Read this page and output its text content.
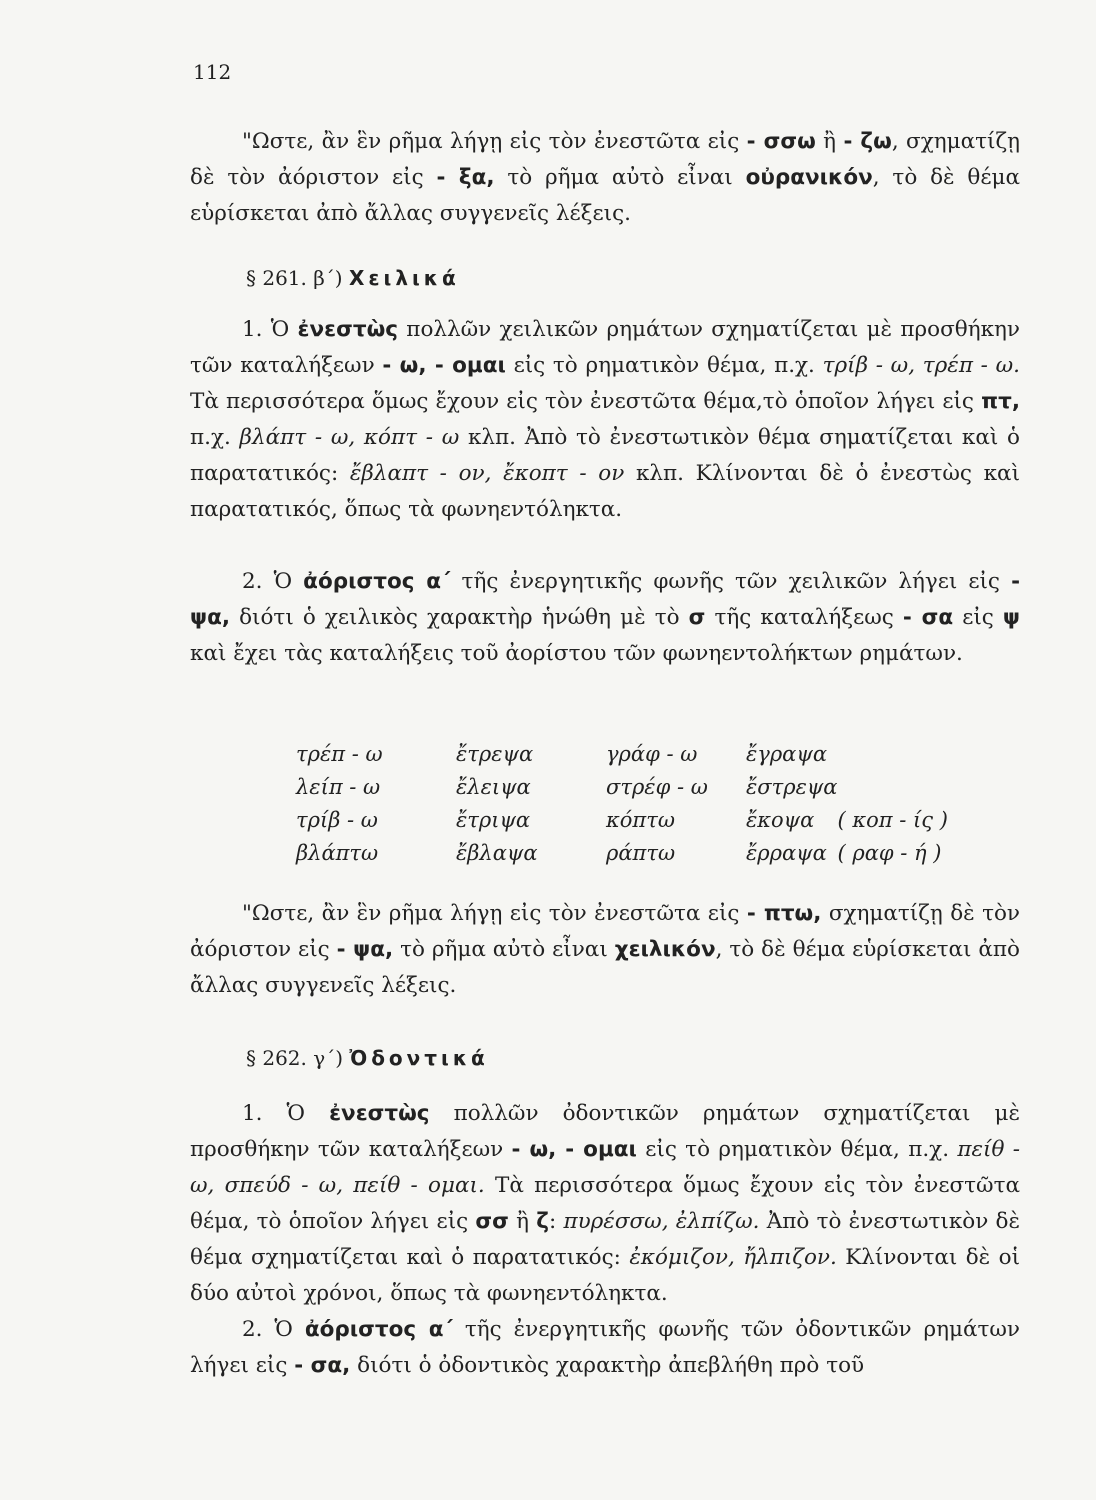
112

"Ωστε, ἂν ἓν ρῆμα λήγῃ εἰς τὸν ἐνεστῶτα εἰς - σσω ἢ - ζω, σχηματίζῃ δὲ τὸν ἀόριστον εἰς - ξα, τὸ ρῆμα αὐτὸ εἶναι οὐρανικόν, τὸ δὲ θέμα εὑρίσκεται ἀπὸ ἄλλας συγγενεῖς λέξεις.

§ 261. β΄) Χειλικά

1. Ὁ ἐνεστὼς πολλῶν χειλικῶν ρημάτων σχηματίζεται μὲ προσθήκην τῶν καταλήξεων - ω, - ομαι εἰς τὸ ρηματικὸν θέμα, π.χ. τρίβ - ω, τρέπ - ω. Τὰ περισσότερα ὅμως ἔχουν εἰς τὸν ἐνεστῶτα θέμα,τὸ ὁποῖον λήγει εἰς πτ, π.χ. βλάπτ - ω, κόπτ - ω κλπ. Ἀπὸ τὸ ἐνεστωτικὸν θέμα σηματίζεται καὶ ὁ παρατατικός: ἔβλαπτ - ον, ἔκοπτ - ον κλπ. Κλίνονται δὲ ὁ ἐνεστὼς καὶ παρατατικός, ὅπως τὰ φωνηεντόληκτα.

2. Ὁ ἀόριστος α΄ τῆς ἐνεργητικῆς φωνῆς τῶν χειλικῶν λήγει εἰς - ψα, διότι ὁ χειλικὸς χαρακτὴρ ἡνώθη μὲ τὸ σ τῆς καταλήξεως - σα εἰς ψ καὶ ἔχει τὰς καταλήξεις τοῦ ἀορίστου τῶν φωνηεντολήκτων ρημάτων.

τρέπ - ω	ἔτρεψα	γράφ - ω	ἔγραψα	
λείπ - ω	ἔλειψα	στρέφ - ω	ἔστρεψα	
τρίβ - ω	ἔτριψα	κόπτω	ἔκοψα	( κοπ - ίς )
βλάπτω	ἔβλαψα	ράπτω	ἔρραψα	( ραφ - ή )

"Ωστε, ἂν ἓν ρῆμα λήγῃ εἰς τὸν ἐνεστῶτα εἰς - πτω, σχηματίζῃ δὲ τὸν ἀόριστον εἰς - ψα, τὸ ρῆμα αὐτὸ εἶναι χειλικόν, τὸ δὲ θέμα εὑρίσκεται ἀπὸ ἄλλας συγγενεῖς λέξεις.

§ 262. γ΄) Ὀδοντικά

1. Ὁ ἐνεστὼς πολλῶν ὀδοντικῶν ρημάτων σχηματίζεται μὲ προσθήκην τῶν καταλήξεων - ω, - ομαι εἰς τὸ ρηματικὸν θέμα, π.χ. πείθ - ω, σπεύδ - ω, πείθ - ομαι. Τὰ περισσότερα ὅμως ἔχουν εἰς τὸν ἐνεστῶτα θέμα, τὸ ὁποῖον λήγει εἰς σσ ἢ ζ: πυρέσσω, ἐλπίζω. Ἀπὸ τὸ ἐνεστωτικὸν δὲ θέμα σχηματίζεται καὶ ὁ παρατατικός: ἐκόμιζον, ἤλπιζον. Κλίνονται δὲ οἱ δύο αὐτοὶ χρόνοι, ὅπως τὰ φωνηεντόληκτα.

2. Ὁ ἀόριστος α΄ τῆς ἐνεργητικῆς φωνῆς τῶν ὀδοντικῶν ρημάτων λήγει εἰς - σα, διότι ὁ ὀδοντικὸς χαρακτὴρ ἀπεβλήθη πρὸ τοῦ
